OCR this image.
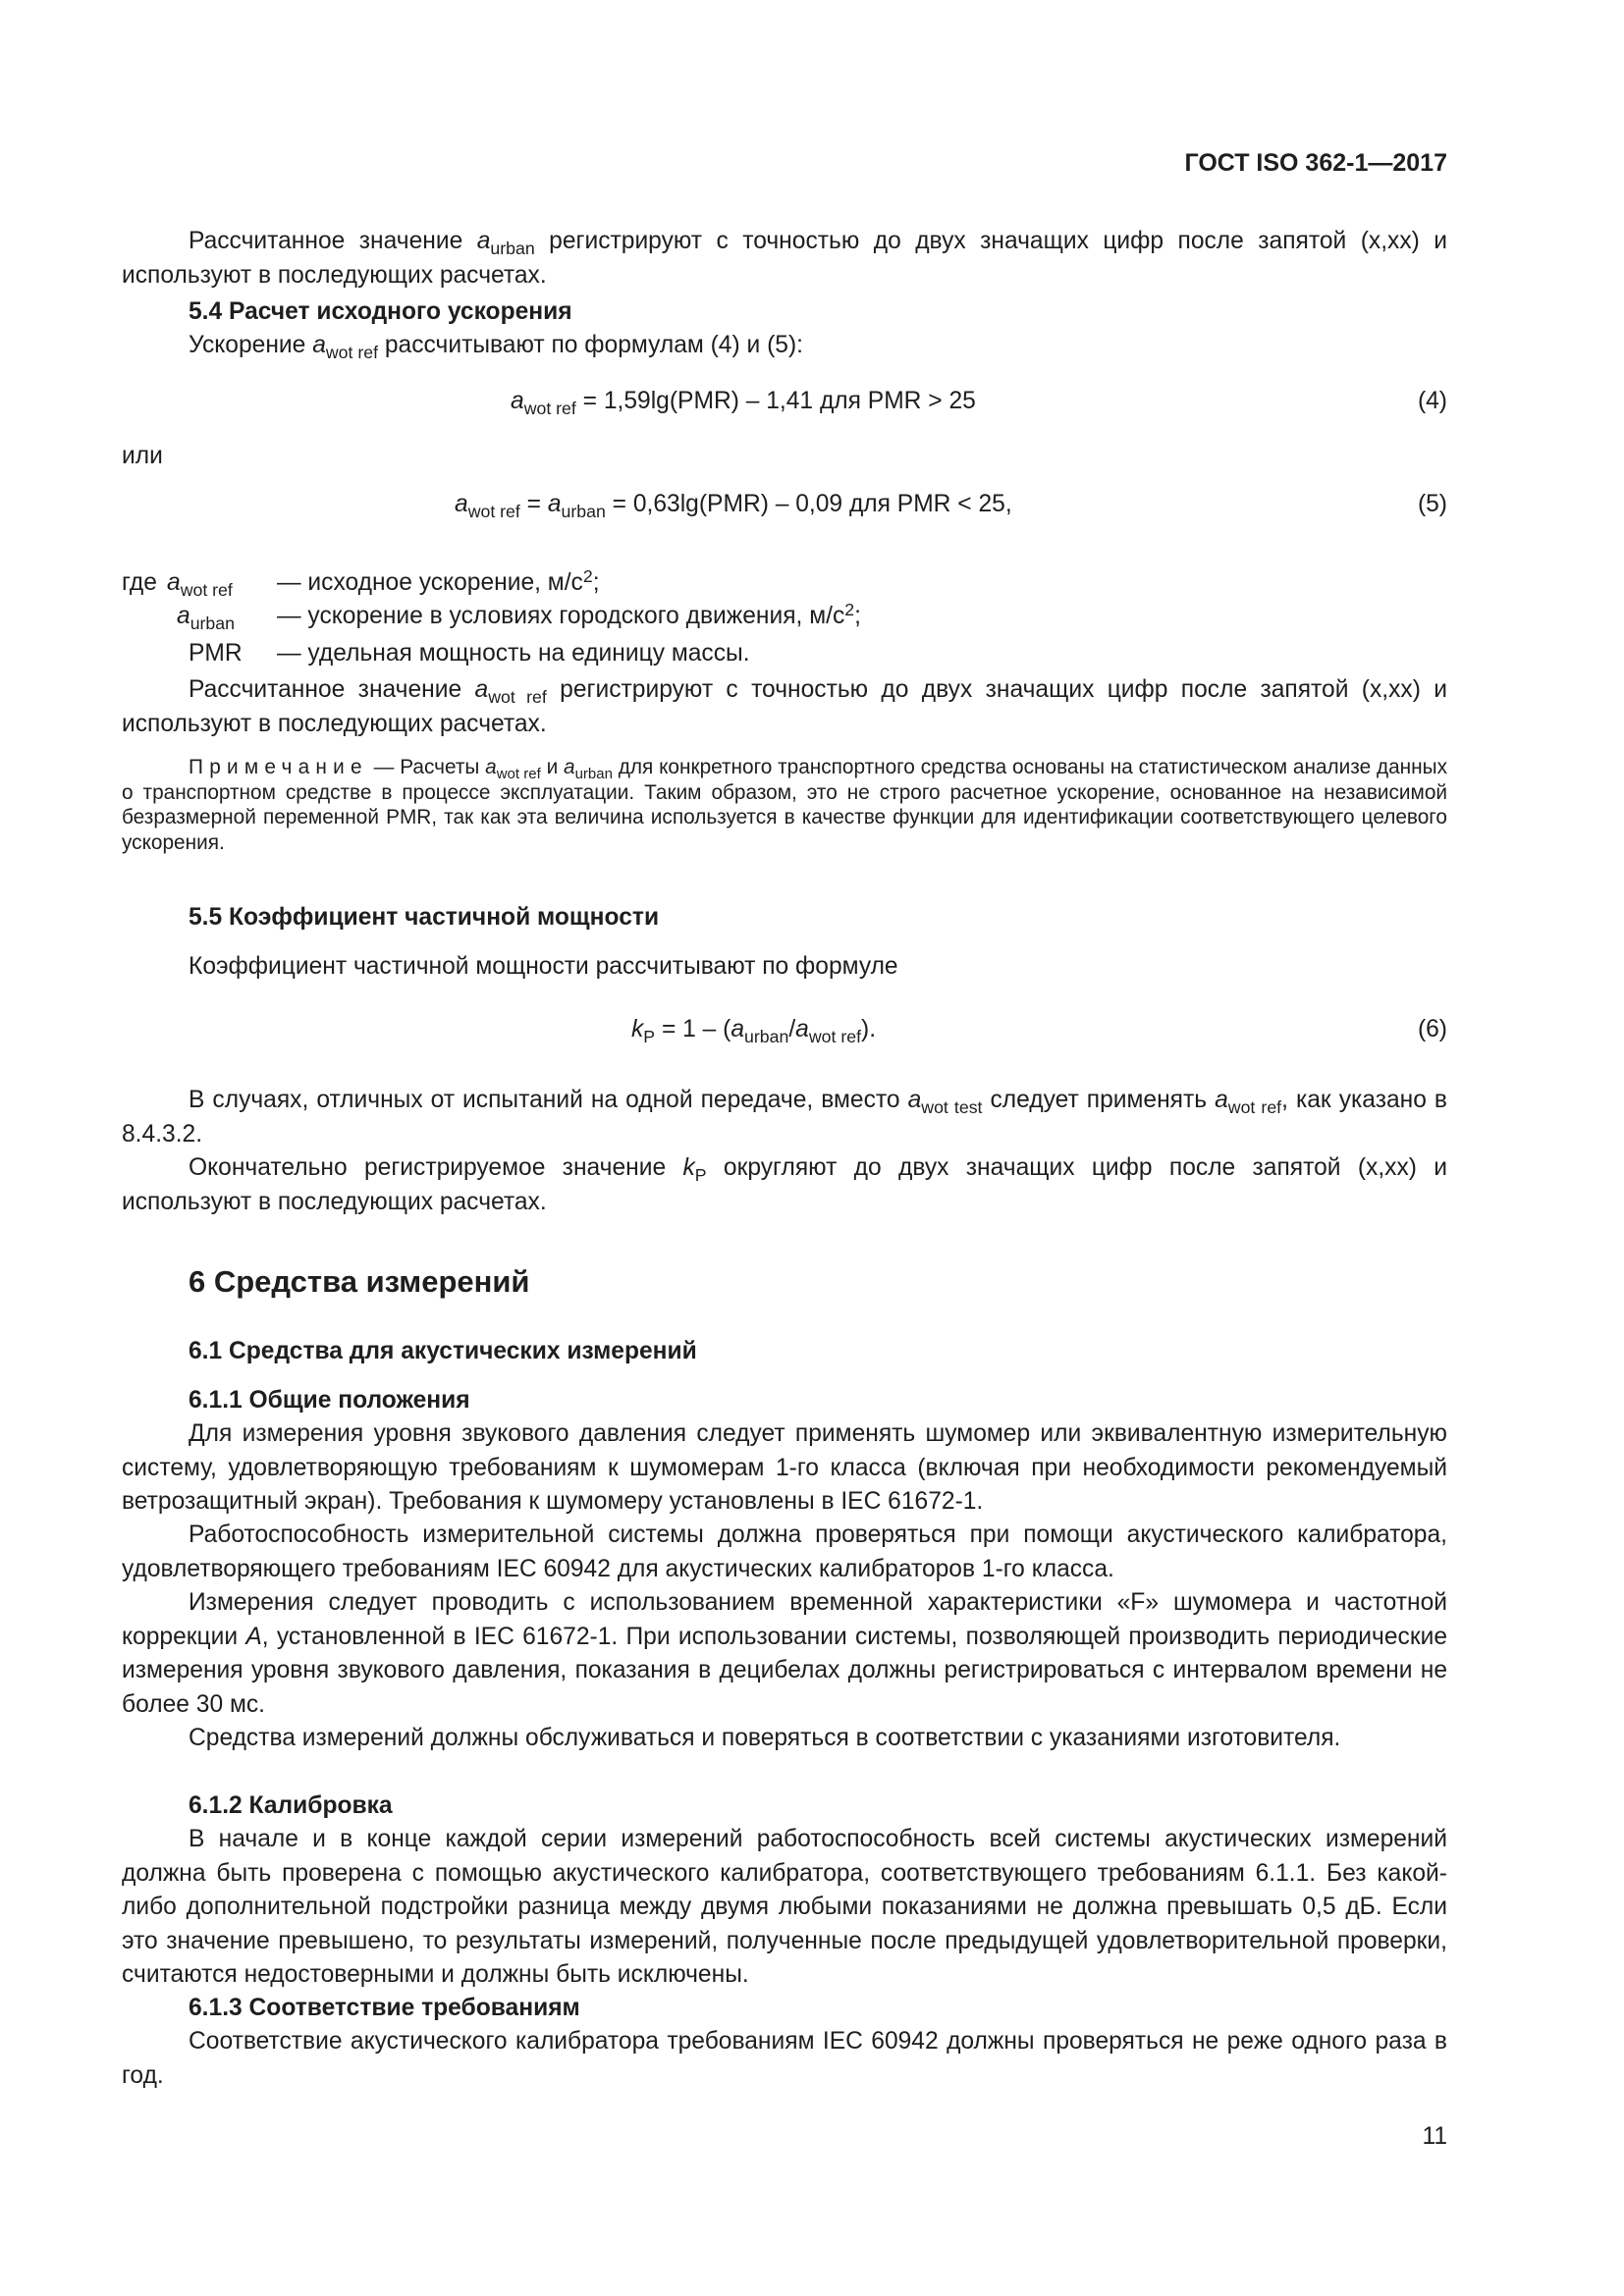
ГОСТ ISO 362-1—2017

Рассчитанное значение $a_{urban}$ регистрируют с точностью до двух значащих цифр после запятой (x,xx) и используют в последующих расчетах.

5.4 Расчет исходного ускорения

Ускорение $a_{wot ref}$ рассчитывают по формулам (4) и (5):

$a_{wot ref} = 1,59\lg(PMR) - 1,41$ для PMR > 25	(4)
или
$a_{wot ref} = a_{urban} = 0,63\lg(PMR) - 0,09$ для PMR < 25,	(5)
где $a_{wot ref}$ — исходное ускорение, $м/с^2$;
$a_{urban}$ — ускорение в условиях городского движения, $м/с^2$;
PMR — удельная мощность на единицу массы.

Рассчитанное значение $a_{wot ref}$ регистрируют с точностью до двух значащих цифр после запятой (x,xx) и используют в последующих расчетах.

Примечание — Расчеты $a_{wot ref}$ и $a_{urban}$ для конкретного транспортного средства основаны на статистическом анализе данных о транспортном средстве в процессе эксплуатации. Таким образом, это не строго расчетное ускорение, основанное на независимой безразмерной переменной PMR, так как эта величина используется в качестве функции для идентификации соответствующего целевого ускорения.

5.5 Коэффициент частичной мощности

Коэффициент частичной мощности рассчитывают по формуле

$k_P = 1 - (a_{urban}/a_{wot ref})$.	(6)

В случаях, отличных от испытаний на одной передаче, вместо $a_{wot test}$ следует применять $a_{wot ref}$, как указано в 8.4.3.2.

Окончательно регистрируемое значение $k_P$ округляют до двух значащих цифр после запятой (x,xx) и используют в последующих расчетах.

6 Средства измерений
6.1 Средства для акустических измерений
6.1.1 Общие положения

Для измерения уровня звукового давления следует применять шумомер или эквивалентную измерительную систему, удовлетворяющую требованиям к шумомерам 1-го класса (включая при необходимости рекомендуемый ветрозащитный экран). Требования к шумомеру установлены в IEC 61672-1.

Работоспособность измерительной системы должна проверяться при помощи акустического калибратора, удовлетворяющего требованиям IEC 60942 для акустических калибраторов 1-го класса.

Измерения следует проводить с использованием временной характеристики «F» шумомера и частотной коррекции A, установленной в IEC 61672-1. При использовании системы, позволяющей производить периодические измерения уровня звукового давления, показания в децибелах должны регистрироваться с интервалом времени не более 30 мс.

Средства измерений должны обслуживаться и поверяться в соответствии с указаниями изготовителя.

6.1.2 Калибровка

В начале и в конце каждой серии измерений работоспособность всей системы акустических измерений должна быть проверена с помощью акустического калибратора, соответствующего требованиям 6.1.1. Без какой-либо дополнительной подстройки разница между двумя любыми показаниями не должна превышать 0,5 дБ. Если это значение превышено, то результаты измерений, полученные после предыдущей удовлетворительной проверки, считаются недостоверными и должны быть исключены.

6.1.3 Соответствие требованиям

Соответствие акустического калибратора требованиям IEC 60942 должны проверяться не реже одного раза в год.

11
